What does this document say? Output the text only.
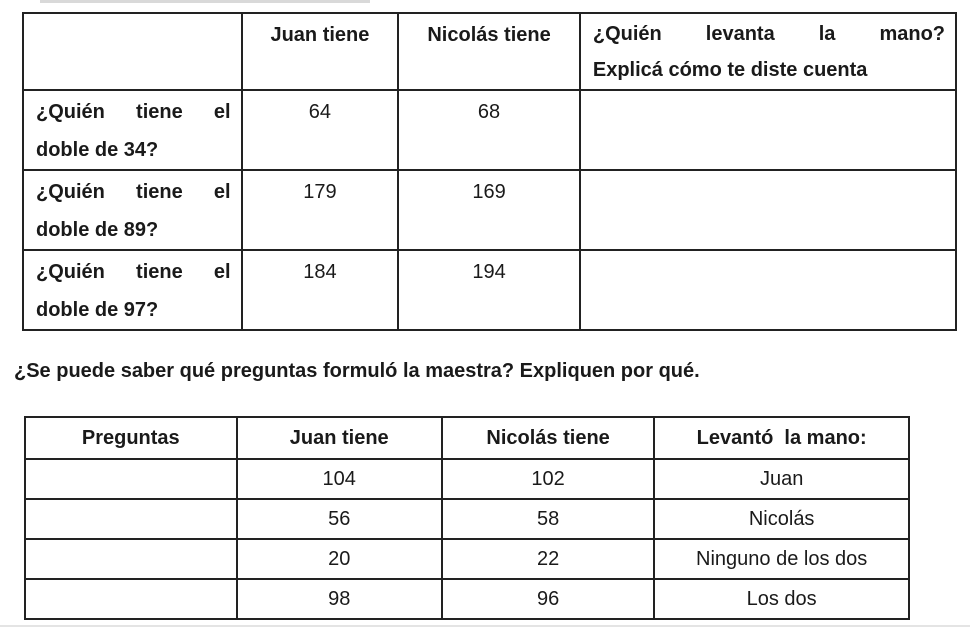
	Juan tiene	Nicolás tiene	¿Quién levanta la mano?
Explicá cómo te diste cuenta

¿Quién tiene el
doble de 34?	64	68	

¿Quién tiene el
doble de 89?	179	169	

¿Quién tiene el
doble de 97?	184	194	
¿Se puede saber qué preguntas formuló la maestra? Expliquen por qué.
Preguntas	Juan tiene	Nicolás tiene	Levantó  la mano:
	104	102	Juan
	56	58	Nicolás
	20	22	Ninguno de los dos
	98	96	Los dos
